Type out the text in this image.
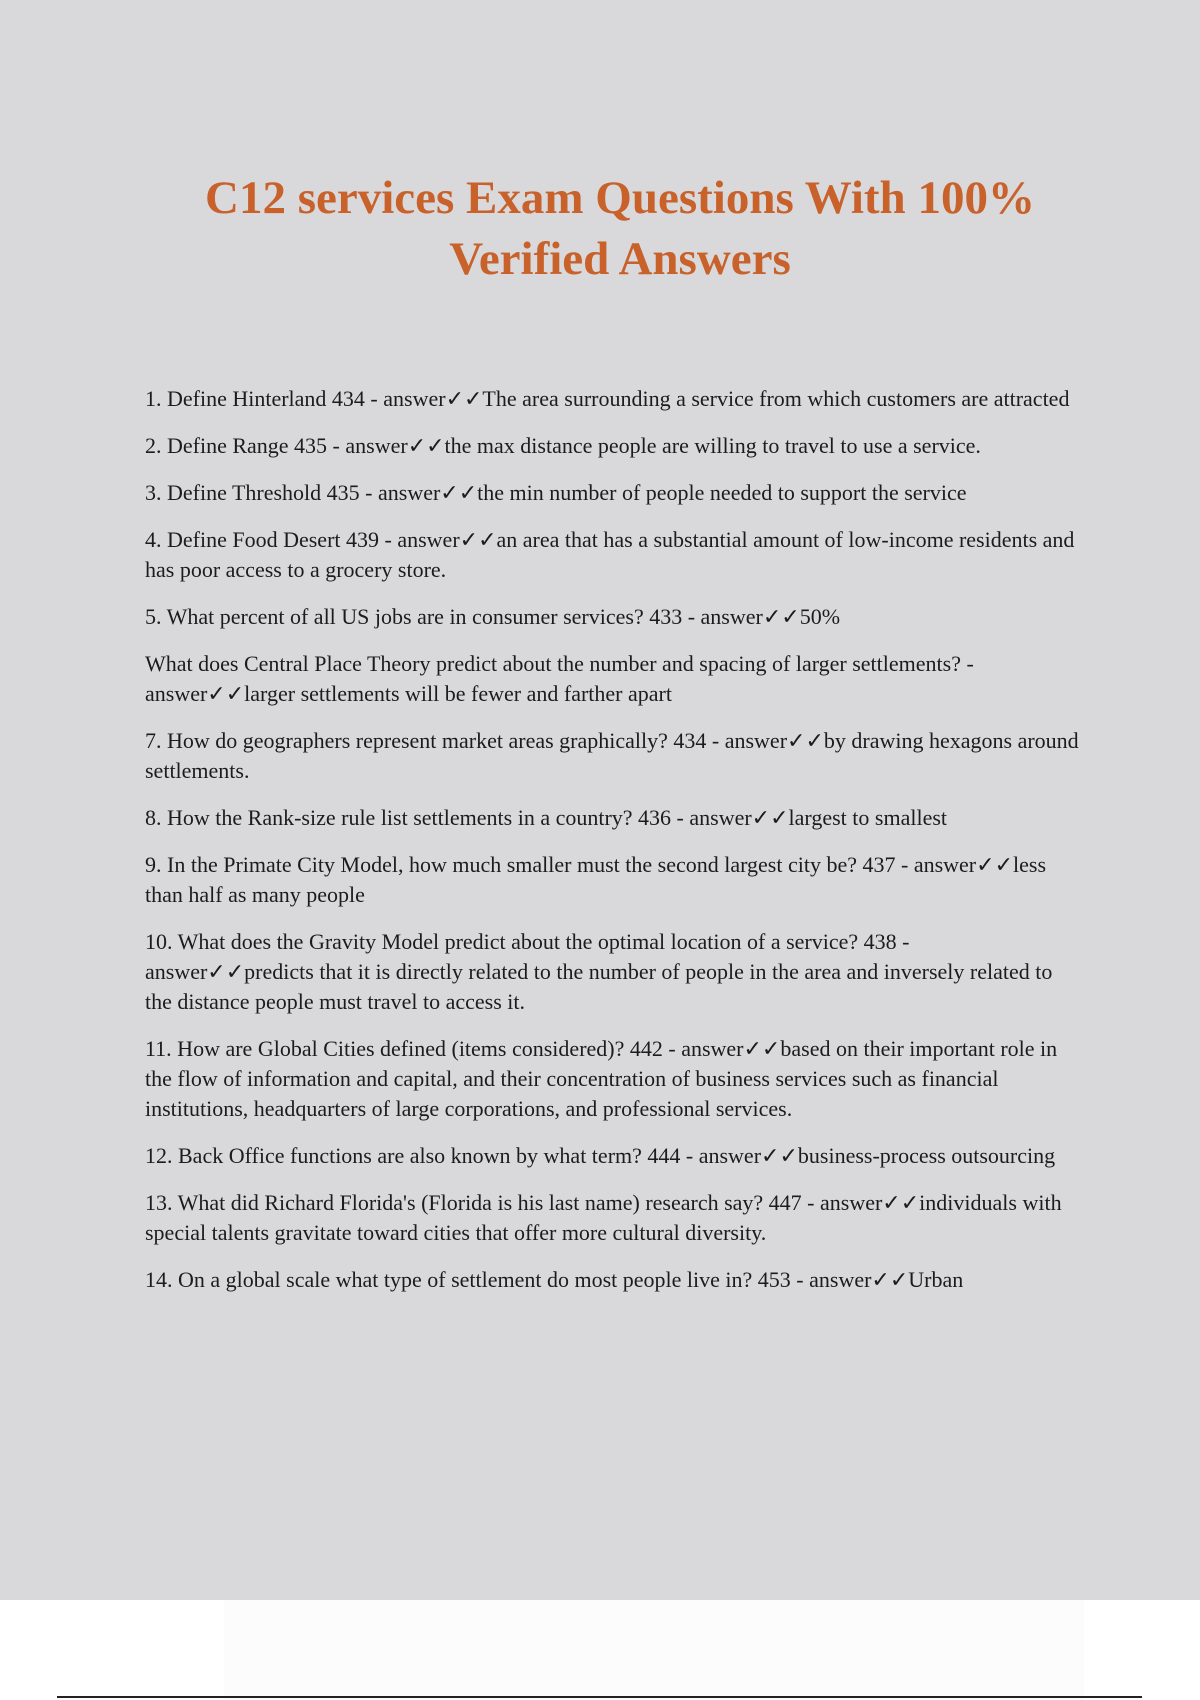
C12 services Exam Questions With 100% Verified Answers
1. Define Hinterland 434 - answer✓✓The area surrounding a service from which customers are attracted
2. Define Range 435 - answer✓✓the max distance people are willing to travel to use a service.
3. Define Threshold 435 - answer✓✓the min number of people needed to support the service
4. Define Food Desert 439 - answer✓✓an area that has a substantial amount of low-income residents and has poor access to a grocery store.
5. What percent of all US jobs are in consumer services? 433 - answer✓✓50%
What does Central Place Theory predict about the number and spacing of larger settlements? - answer✓✓larger settlements will be fewer and farther apart
7. How do geographers represent market areas graphically? 434 - answer✓✓by drawing hexagons around settlements.
8. How the Rank-size rule list settlements in a country? 436 - answer✓✓largest to smallest
9. In the Primate City Model, how much smaller must the second largest city be? 437 - answer✓✓less than half as many people
10. What does the Gravity Model predict about the optimal location of a service? 438 - answer✓✓predicts that it is directly related to the number of people in the area and inversely related to the distance people must travel to access it.
11. How are Global Cities defined (items considered)? 442 - answer✓✓based on their important role in the flow of information and capital, and their concentration of business services such as financial institutions, headquarters of large corporations, and professional services.
12. Back Office functions are also known by what term? 444 - answer✓✓business-process outsourcing
13. What did Richard Florida's (Florida is his last name) research say? 447 - answer✓✓individuals with special talents gravitate toward cities that offer more cultural diversity.
14. On a global scale what type of settlement do most people live in? 453 - answer✓✓Urban
